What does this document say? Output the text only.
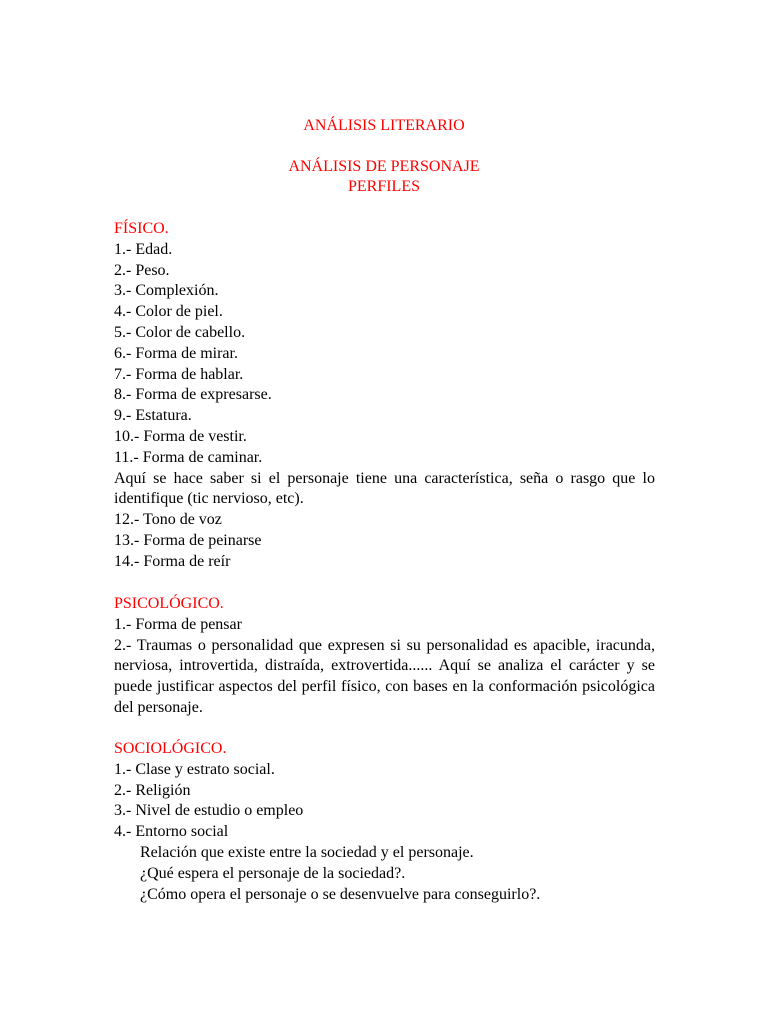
ANÁLISIS LITERARIO
ANÁLISIS DE PERSONAJE
PERFILES
FÍSICO.
1.- Edad.
2.- Peso.
3.- Complexión.
4.- Color de piel.
5.- Color de cabello.
6.- Forma de mirar.
7.- Forma de hablar.
8.- Forma de expresarse.
9.- Estatura.
10.- Forma de vestir.
11.- Forma de caminar.
Aquí se hace saber si el personaje tiene una característica, seña o rasgo que lo identifique (tic nervioso, etc).
12.- Tono de voz
13.- Forma de peinarse
14.- Forma de reír
PSICOLÓGICO.
1.- Forma de pensar
2.- Traumas o personalidad que expresen si su personalidad es apacible, iracunda, nerviosa, introvertida, distraída, extrovertida...... Aquí se analiza el carácter y se puede justificar aspectos del perfil físico, con bases en la conformación psicológica del personaje.
SOCIOLÓGICO.
1.- Clase y estrato social.
2.- Religión
3.- Nivel de estudio o empleo
4.- Entorno social
Relación que existe entre la sociedad y el personaje.
¿Qué espera el personaje de la sociedad?.
¿Cómo opera el personaje o se desenvuelve para conseguirlo?.
